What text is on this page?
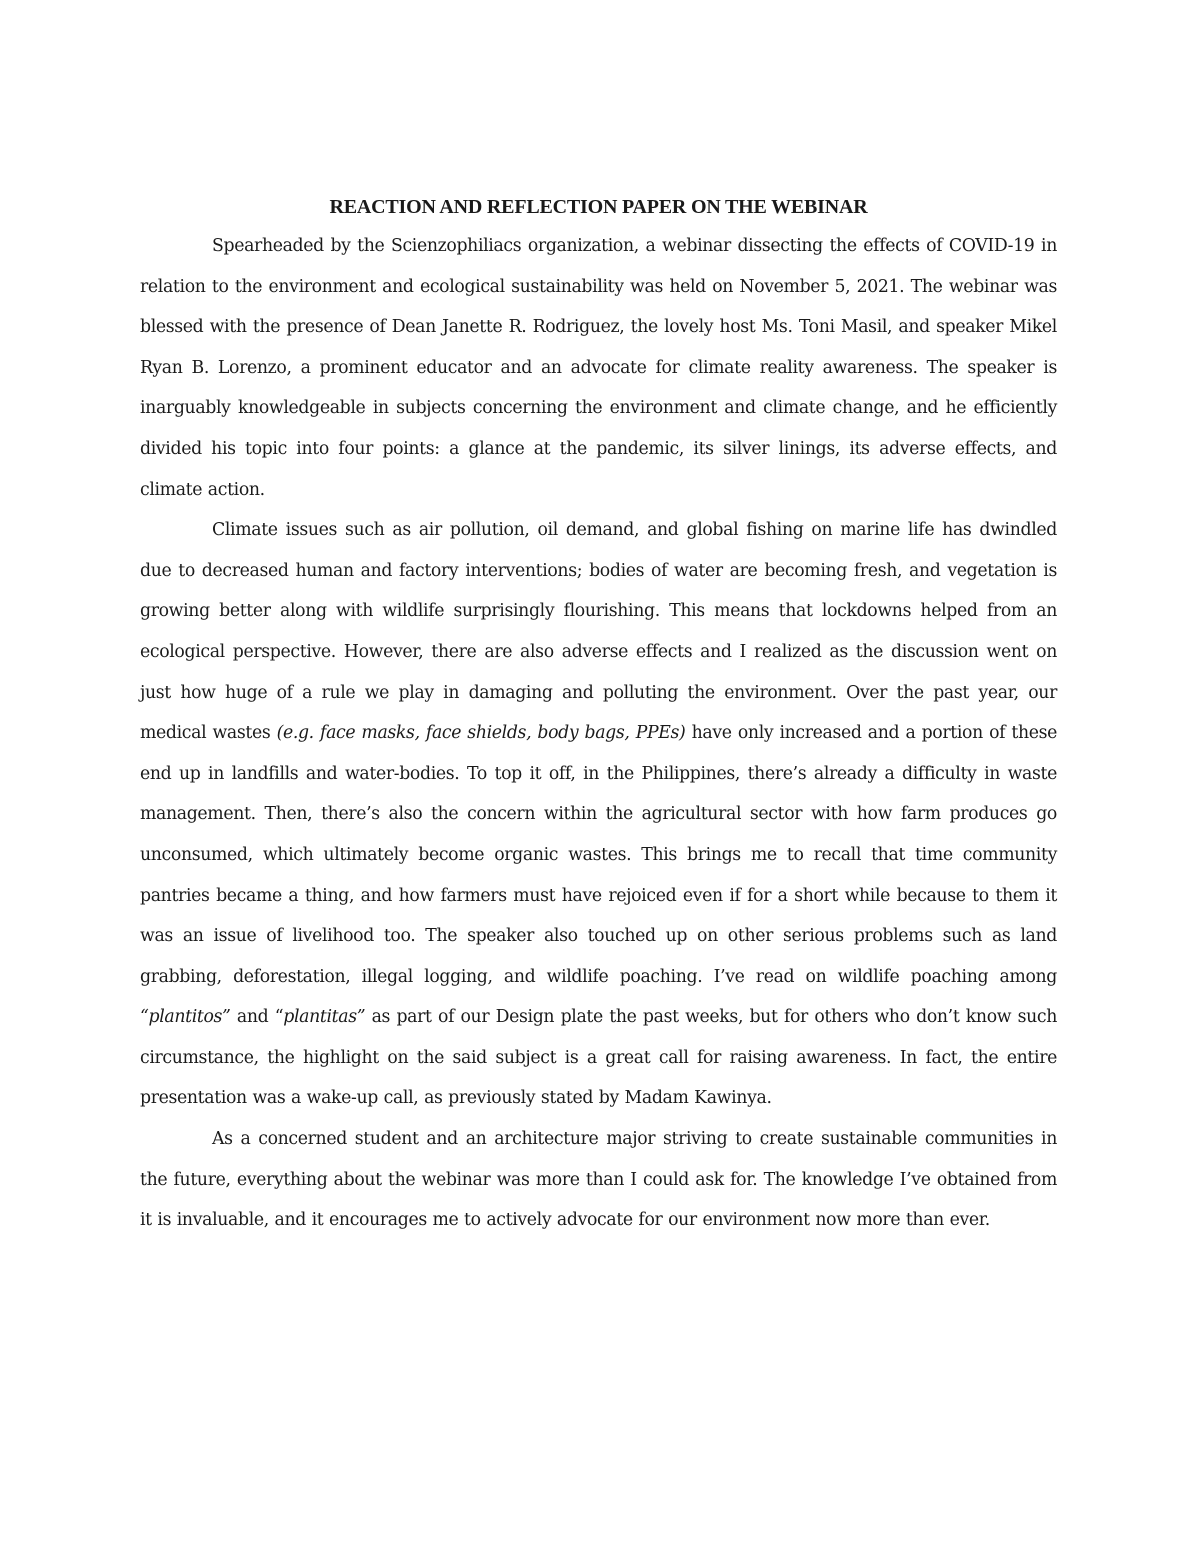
REACTION AND REFLECTION PAPER ON THE WEBINAR

Spearheaded by the Scienzophiliacs organization, a webinar dissecting the effects of COVID-19 in relation to the environment and ecological sustainability was held on November 5, 2021. The webinar was blessed with the presence of Dean Janette R. Rodriguez, the lovely host Ms. Toni Masil, and speaker Mikel Ryan B. Lorenzo, a prominent educator and an advocate for climate reality awareness. The speaker is inarguably knowledgeable in subjects concerning the environment and climate change, and he efficiently divided his topic into four points: a glance at the pandemic, its silver linings, its adverse effects, and climate action.

Climate issues such as air pollution, oil demand, and global fishing on marine life has dwindled due to decreased human and factory interventions; bodies of water are becoming fresh, and vegetation is growing better along with wildlife surprisingly flourishing. This means that lockdowns helped from an ecological perspective. However, there are also adverse effects and I realized as the discussion went on just how huge of a rule we play in damaging and polluting the environment. Over the past year, our medical wastes (e.g. face masks, face shields, body bags, PPEs) have only increased and a portion of these end up in landfills and water-bodies. To top it off, in the Philippines, there’s already a difficulty in waste management. Then, there’s also the concern within the agricultural sector with how farm produces go unconsumed, which ultimately become organic wastes. This brings me to recall that time community pantries became a thing, and how farmers must have rejoiced even if for a short while because to them it was an issue of livelihood too. The speaker also touched up on other serious problems such as land grabbing, deforestation, illegal logging, and wildlife poaching. I’ve read on wildlife poaching among “plantitos” and “plantitas” as part of our Design plate the past weeks, but for others who don’t know such circumstance, the highlight on the said subject is a great call for raising awareness. In fact, the entire presentation was a wake-up call, as previously stated by Madam Kawinya.

As a concerned student and an architecture major striving to create sustainable communities in the future, everything about the webinar was more than I could ask for. The knowledge I’ve obtained from it is invaluable, and it encourages me to actively advocate for our environment now more than ever.
